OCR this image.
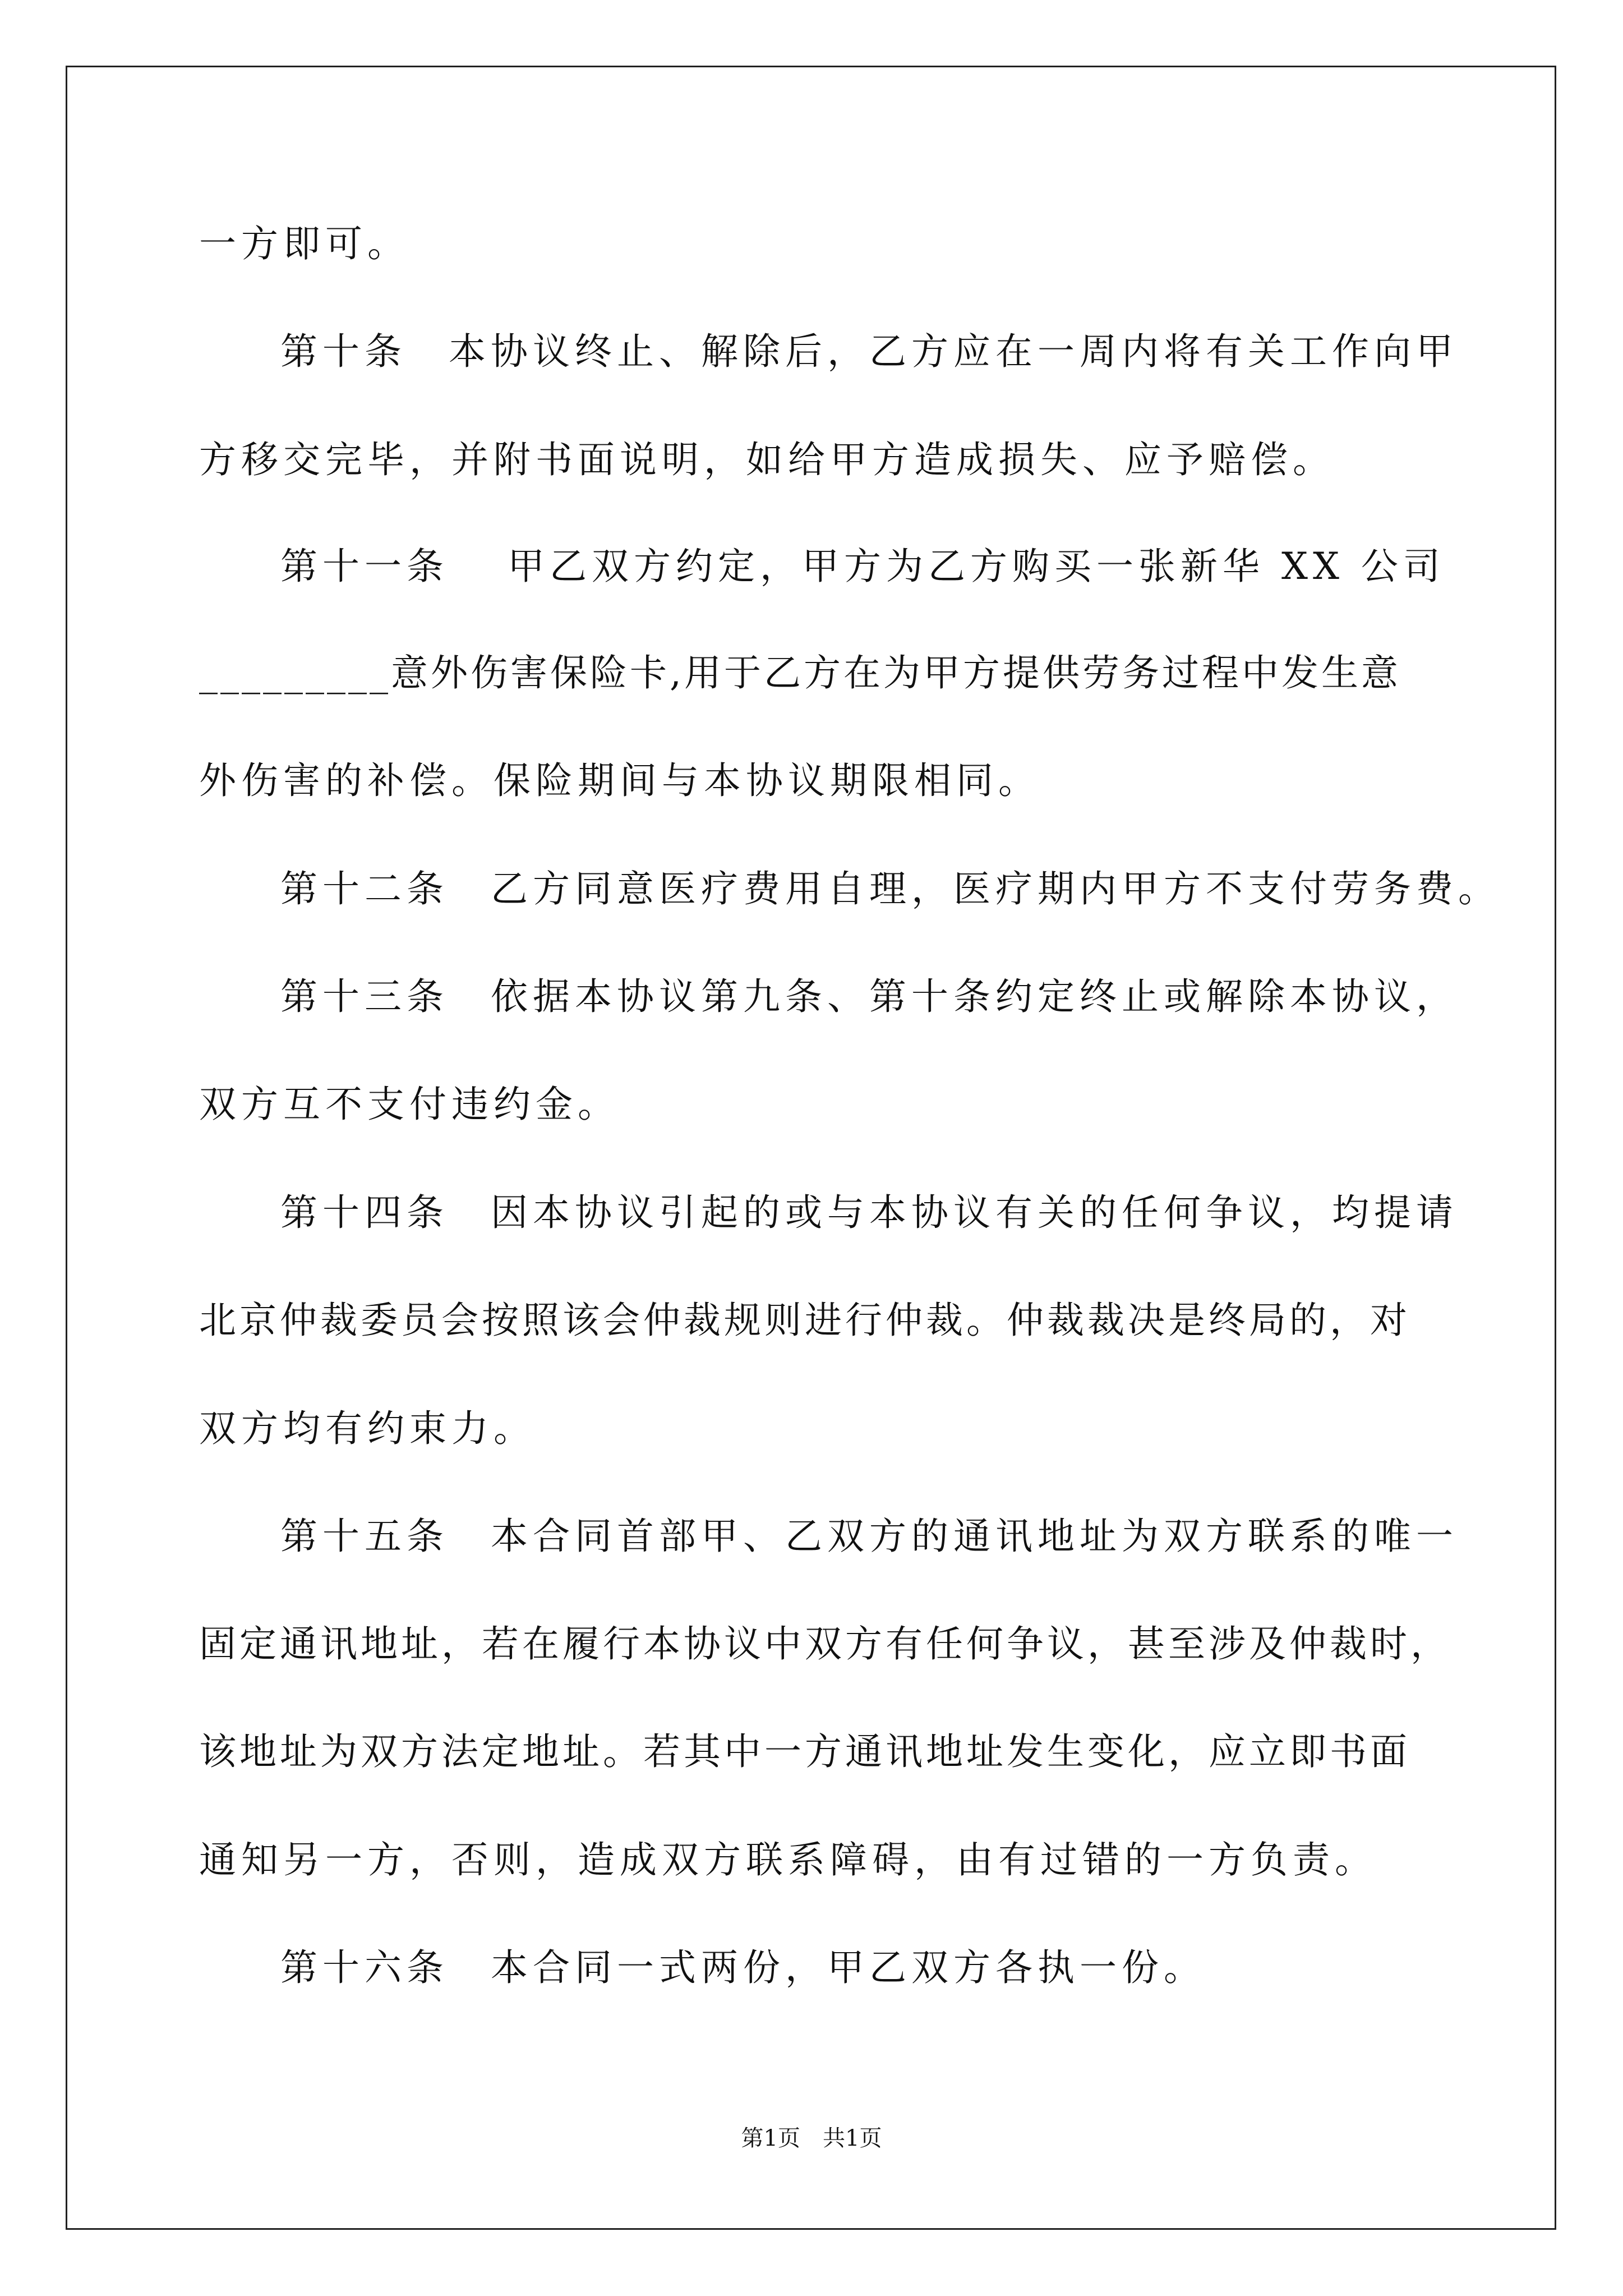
一方即可。
第十条　本协议终止、解除后，乙方应在一周内将有关工作向甲
方移交完毕，并附书面说明，如给甲方造成损失、应予赔偿。
第十一条　 甲乙双方约定，甲方为乙方购买一张新华 XX 公司
_________意外伤害保险卡,用于乙方在为甲方提供劳务过程中发生意
外伤害的补偿。保险期间与本协议期限相同。
第十二条　乙方同意医疗费用自理，医疗期内甲方不支付劳务费。
第十三条　依据本协议第九条、第十条约定终止或解除本协议，
双方互不支付违约金。
第十四条　因本协议引起的或与本协议有关的任何争议，均提请
北京仲裁委员会按照该会仲裁规则进行仲裁。仲裁裁决是终局的，对
双方均有约束力。
第十五条　本合同首部甲、乙双方的通讯地址为双方联系的唯一
固定通讯地址，若在履行本协议中双方有任何争议，甚至涉及仲裁时，
该地址为双方法定地址。若其中一方通讯地址发生变化，应立即书面
通知另一方，否则，造成双方联系障碍，由有过错的一方负责。
第十六条　本合同一式两份，甲乙双方各执一份。
第1页　共1页
